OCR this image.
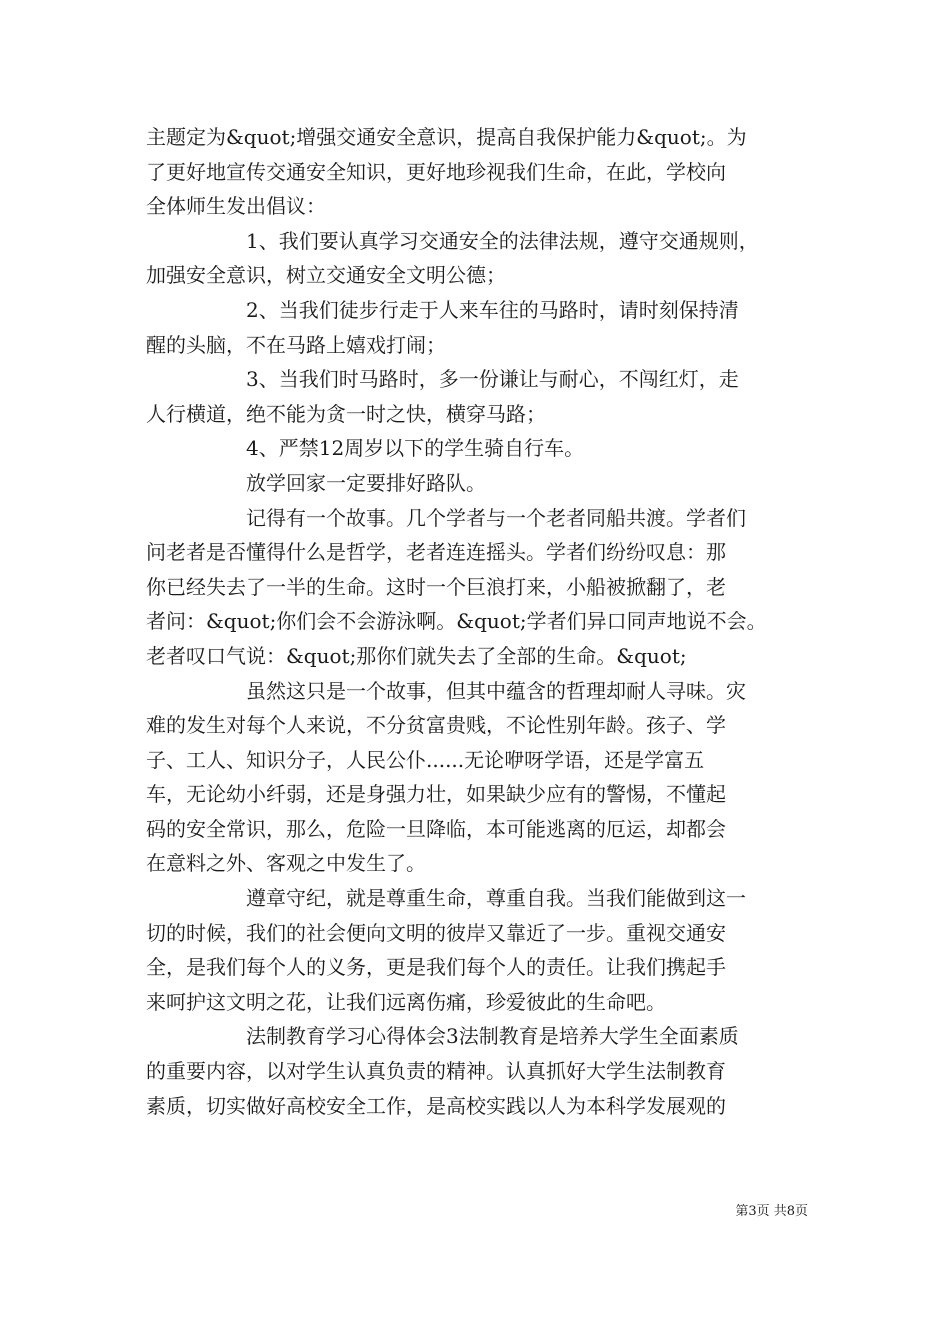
主题定为&quot;增强交通安全意识，提高自我保护能力&quot;。为
了更好地宣传交通安全知识，更好地珍视我们生命，在此，学校向
全体师生发出倡议：
1、我们要认真学习交通安全的法律法规，遵守交通规则，
加强安全意识，树立交通安全文明公德；
2、当我们徒步行走于人来车往的马路时，请时刻保持清
醒的头脑，不在马路上嬉戏打闹；
3、当我们时马路时，多一份谦让与耐心，不闯红灯，走
人行横道，绝不能为贪一时之快，横穿马路；
4、严禁12周岁以下的学生骑自行车。
放学回家一定要排好路队。
记得有一个故事。几个学者与一个老者同船共渡。学者们
问老者是否懂得什么是哲学，老者连连摇头。学者们纷纷叹息：那
你已经失去了一半的生命。这时一个巨浪打来，小船被掀翻了，老
者问：&quot;你们会不会游泳啊。&quot;学者们异口同声地说不会。
老者叹口气说：&quot;那你们就失去了全部的生命。&quot;
虽然这只是一个故事，但其中蕴含的哲理却耐人寻味。灾
难的发生对每个人来说，不分贫富贵贱，不论性别年龄。孩子、学
子、工人、知识分子，人民公仆......无论咿呀学语，还是学富五
车，无论幼小纤弱，还是身强力壮，如果缺少应有的警惕，不懂起
码的安全常识，那么，危险一旦降临，本可能逃离的厄运，却都会
在意料之外、客观之中发生了。
遵章守纪，就是尊重生命，尊重自我。当我们能做到这一
切的时候，我们的社会便向文明的彼岸又靠近了一步。重视交通安
全，是我们每个人的义务，更是我们每个人的责任。让我们携起手
来呵护这文明之花，让我们远离伤痛，珍爱彼此的生命吧。
法制教育学习心得体会3法制教育是培养大学生全面素质
的重要内容，以对学生认真负责的精神。认真抓好大学生法制教育
素质，切实做好高校安全工作，是高校实践以人为本科学发展观的
第3页 共8页
